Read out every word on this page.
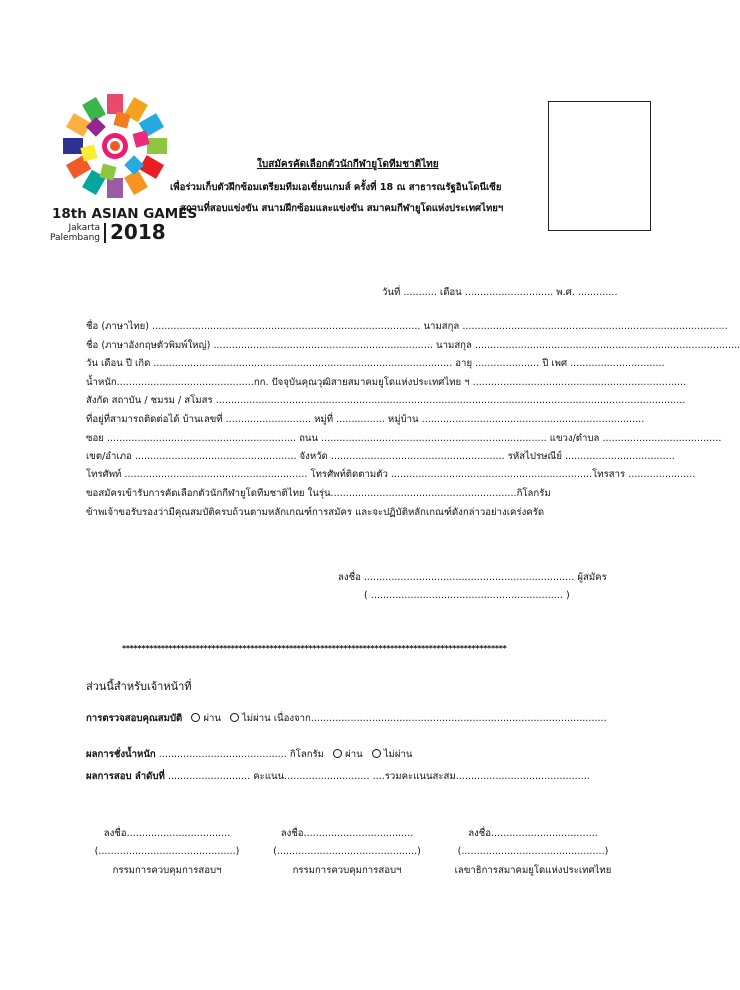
18th ASIAN GAMES
Jakarta
Palembang 2018
ใบสมัครคัดเลือกตัวนักกีฬายูโดทีมชาติไทย
เพื่อร่วมเก็บตัวฝึกซ้อมเตรียมทีมเอเชี่ยนเกมส์ ครั้งที่ 18 ณ สาธารณรัฐอินโดนีเซีย
สถานที่สอบแข่งขัน สนามฝึกซ้อมและแข่งขัน สมาคมกีฬายูโดแห่งประเทศไทยฯ
วันที่ ........... เดือน ............................. พ.ศ. .............
ชื่อ (ภาษาไทย) ........................................................................................ นามสกุล .......................................................................................
ชื่อ (ภาษาอังกฤษตัวพิมพ์ใหญ่) ........................................................................ นามสกุล .......................................................................................
วัน เดือน ปี เกิด .................................................................................................. อายุ ..................... ปี เพศ ...............................
น้ำหนัก.............................................กก. ปัจจุบันคุณวุฒิสายสมาคมยูโดแห่งประเทศไทย ฯ ......................................................................
สังกัด สถาบัน / ชมรม / สโมสร ..........................................................................................................................................................
ที่อยู่ที่สามารถติดต่อได้ บ้านเลขที่ ............................ หมู่ที่ ................ หมู่บ้าน .........................................................................
ซอย .............................................................. ถนน .......................................................................... แขวง/ตำบล .......................................
เขต/อำเภอ ..................................................... จังหวัด ......................................................... รหัสไปรษณีย์ ....................................
โทรศัพท์ ............................................................ โทรศัพท์ติดตามตัว ..................................................................โทรสาร ......................
ขอสมัครเข้ารับการคัดเลือกตัวนักกีฬายูโดทีมชาติไทย ในรุ่น.............................................................กิโลกรัม
ข้าพเจ้าขอรับรองว่ามีคุณสมบัติครบถ้วนตามหลักเกณฑ์การสมัคร และจะปฏิบัติหลักเกณฑ์ดังกล่าวอย่างเคร่งครัด
ลงชื่อ ..................................................................... ผู้สมัคร
( ............................................................... )
***************************************************************************************************
ส่วนนี้สำหรับเจ้าหน้าที่
การตรวจสอบคุณสมบัติ ผ่าน ไม่ผ่าน เนื่องจาก.................................................................................................
ผลการชั่งน้ำหนัก .......................................... กิโลกรัม ผ่าน ไม่ผ่าน
ผลการสอบ ลำดับที่ ........................... คะแนน............................ ....รวมคะแนนสะสม............................................
ลงชื่อ..................................
(.............................................)
กรรมการควบคุมการสอบฯ
ลงชื่อ....................................
(..............................................)
กรรมการควบคุมการสอบฯ
ลงชื่อ...................................
(...............................................)
เลขาธิการสมาคมยูโดแห่งประเทศไทย
